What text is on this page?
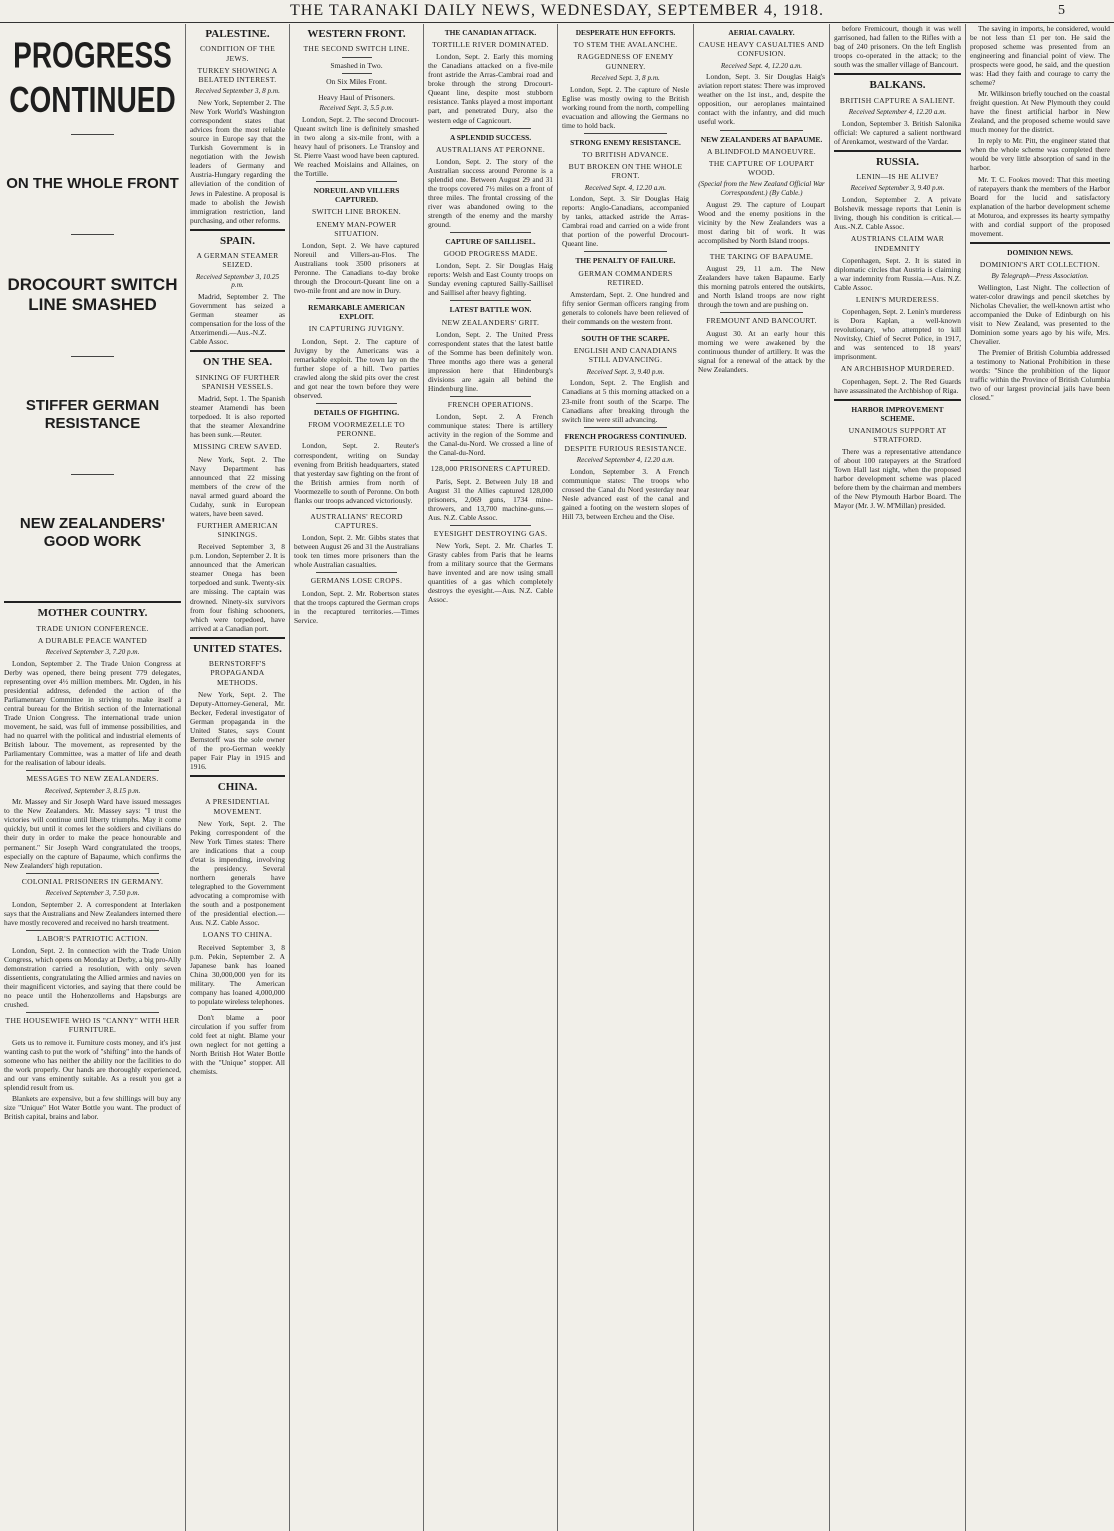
THE TARANAKI DAILY NEWS, WEDNESDAY, SEPTEMBER 4, 1918.	5
PROGRESS CONTINUED
ON THE WHOLE FRONT
DROCOURT SWITCH LINE SMASHED
STIFFER GERMAN RESISTANCE
NEW ZEALANDERS' GOOD WORK
MOTHER COUNTRY.
TRADE UNION CONFERENCE.
A DURABLE PEACE WANTED
Received September 3, 7.20 p.m.

London, September 2. The Trade Union Congress at Derby was opened, there being present 779 delegates, representing over 4½ million members. Mr. Ogden, in his presidential address, defended the action of the Parliamentary Committee in striving to make itself a central bureau for the British section of the International Trade Union Congress. The international trade union movement, he said, was full of immense possibilities, and had no quarrel with the political and industrial elements of British labour. The movement, as represented by the Parliamentary Committee, was a matter of life and death for the realisation of labour ideals.

MESSAGES TO NEW ZEALANDERS.
Received, September 3, 8.15 p.m.

Mr. Massey and Sir Joseph Ward have issued messages to the New Zealanders. Mr. Massey says: "I trust the victories will continue until liberty triumphs. May it come quickly, but until it comes let the soldiers and civilians do their duty in order to make the peace honourable and permanent." Sir Joseph Ward congratulated the troops, especially on the capture of Bapaume, which confirms the New Zealanders' high reputation.

COLONIAL PRISONERS IN GERMANY.
Received September 3, 7.50 p.m.

London, September 2. A correspondent at Interlaken says that the Australians and New Zealanders interned there have mostly recovered and received no harsh treatment.

LABOR'S PATRIOTIC ACTION.

London, Sept. 2. In connection with the Trade Union Congress, which opens on Monday at Derby, a big pro-Ally demonstration carried a resolution, with only seven dissentients, congratulating the Allied armies and navies on their magnificent victories, and saying that there could be no peace until the Hohenzollerns and Hapsburgs are crushed.

THE HOUSEWIFE WHO IS "CANNY" WITH HER FURNITURE.

Gets us to remove it. Furniture costs money, and it's just wanting cash to put the work of "shifting" into the hands of someone who has neither the ability nor the facilities to do the work properly. Our hands are thoroughly experienced, and our vans eminently suitable. As a result you get a splendid result from us.

Blankets are expensive, but a few shillings will buy any size "Unique" Hot Water Bottle you want. The product of British capital, brains and labor.

PALESTINE.
CONDITION OF THE JEWS.
TURKEY SHOWING A BELATED INTEREST.
Received September 3, 8 p.m.

New York, September 2. The New York World's Washington correspondent states that advices from the most reliable source in Europe say that the Turkish Government is in negotiation with the Jewish leaders of Germany and Austria-Hungary regarding the alleviation of the condition of Jews in Palestine. A proposal is made to abolish the Jewish immigration restriction, land purchasing, and other reforms.

SPAIN.
A GERMAN STEAMER SEIZED.
Received September 3, 10.25 p.m.

Madrid, September 2. The Government has seized a German steamer as compensation for the loss of the Atxerimendi.—Aus.-N.Z. Cable Assoc.

ON THE SEA.
SINKING OF FURTHER SPANISH VESSELS.

Madrid, Sept. 1. The Spanish steamer Atamendi has been torpedoed. It is also reported that the steamer Alexandrine has been sunk.—Reuter.

MISSING CREW SAVED.

New York, Sept. 2. The Navy Department has announced that 22 missing members of the crew of the naval armed guard aboard the Cudahy, sunk in European waters, have been saved.

FURTHER AMERICAN SINKINGS.

Received September 3, 8 p.m. London, September 2. It is announced that the American steamer Onega has been torpedoed and sunk. Twenty-six are missing. The captain was drowned. Ninety-six survivors from four fishing schooners, which were torpedoed, have arrived at a Canadian port.

UNITED STATES.
BERNSTORFF'S PROPAGANDA METHODS.

New York, Sept. 2. The Deputy-Attorney-General, Mr. Becker, Federal investigator of German propaganda in the United States, says Count Bernstorff was the sole owner of the pro-German weekly paper Fair Play in 1915 and 1916.

CHINA.
A PRESIDENTIAL MOVEMENT.

New York, Sept. 2. The Peking correspondent of the New York Times states: There are indications that a coup d'etat is impending, involving the presidency. Several northern generals have telegraphed to the Government advocating a compromise with the south and a postponement of the presidential election.—Aus. N.Z. Cable Assoc.

LOANS TO CHINA.

Received September 3, 8 p.m. Pekin, September 2. A Japanese bank has loaned China 30,000,000 yen for its military. The American company has loaned 4,000,000 to populate wireless telephones.

Don't blame a poor circulation if you suffer from cold feet at night. Blame your own neglect for not getting a North British Hot Water Bottle with the "Unique" stopper. All chemists.

WESTERN FRONT.
THE SECOND SWITCH LINE.
Smashed in Two.
On Six Miles Front.
Heavy Haul of Prisoners.
Received Sept. 3, 5.5 p.m.

London, Sept. 2. The second Drocourt-Queant switch line is definitely smashed in two along a six-mile front, with a heavy haul of prisoners. Le Transloy and St. Pierre Vaast wood have been captured. We reached Moislains and Allaines, on the Tortille.

NOREUIL AND VILLERS CAPTURED.
SWITCH LINE BROKEN.
ENEMY MAN-POWER SITUATION.

London, Sept. 2. We have captured Noreuil and Villers-au-Flos. The Australians took 3500 prisoners at Peronne. The Canadians to-day broke through the Drocourt-Queant line on a two-mile front and are now in Dury.

REMARKABLE AMERICAN EXPLOIT.
IN CAPTURING JUVIGNY.

London, Sept. 2. The capture of Juvigny by the Americans was a remarkable exploit. The town lay on the further slope of a hill. Two parties crawled along the skid pits over the crest and got near the town before they were observed.

DETAILS OF FIGHTING.
FROM VOORMEZELLE TO PERONNE.

London, Sept. 2. Reuter's correspondent, writing on Sunday evening from British headquarters, stated that yesterday saw fighting on the front of the British armies from north of Voormezelle to south of Peronne. On both flanks our troops advanced victoriously.

AUSTRALIANS' RECORD CAPTURES.

London, Sept. 2. Mr. Gibbs states that between August 26 and 31 the Australians took ten times more prisoners than the whole Australian casualties.

GERMANS LOSE CROPS.

London, Sept. 2. Mr. Robertson states that the troops captured the German crops in the recaptured territories.—Times Service.

THE CANADIAN ATTACK.
TORTILLE RIVER DOMINATED.

London, Sept. 2. Early this morning the Canadians attacked on a five-mile front astride the Arras-Cambrai road and broke through the strong Drocourt-Queant line, despite most stubborn resistance. Tanks played a most important part, and penetrated Dury, also the western edge of Cagnicourt.

A SPLENDID SUCCESS.
AUSTRALIANS AT PERONNE.

London, Sept. 2. The story of the Australian success around Peronne is a splendid one. Between August 29 and 31 the troops covered 7½ miles on a front of three miles. The frontal crossing of the river was abandoned owing to the strength of the enemy and the marshy ground.

CAPTURE OF SAILLISEL.
GOOD PROGRESS MADE.

London, Sept. 2. Sir Douglas Haig reports: Welsh and East County troops on Sunday evening captured Sailly-Saillisel and Saillisel after heavy fighting.

LATEST BATTLE WON.
NEW ZEALANDERS' GRIT.

London, Sept. 2. The United Press correspondent states that the latest battle of the Somme has been definitely won. Three months ago there was a general impression here that Hindenburg's divisions are again all behind the Hindenburg line.

FRENCH OPERATIONS.

London, Sept. 2. A French communique states: There is artillery activity in the region of the Somme and the Canal-du-Nord. We crossed a line of the Canal-du-Nord.

128,000 PRISONERS CAPTURED.

Paris, Sept. 2. Between July 18 and August 31 the Allies captured 128,000 prisoners, 2,069 guns, 1734 mine-throwers, and 13,700 machine-guns.—Aus. N.Z. Cable Assoc.

EYESIGHT DESTROYING GAS.

New York, Sept. 2. Mr. Charles T. Grasty cables from Paris that he learns from a military source that the Germans have invented and are now using small quantities of a gas which completely destroys the eyesight.—Aus. N.Z. Cable Assoc.

DESPERATE HUN EFFORTS.
TO STEM THE AVALANCHE.
RAGGEDNESS OF ENEMY GUNNERY.
Received Sept. 3, 8 p.m.

London, Sept. 2. The capture of Nesle Eglise was mostly owing to the British working round from the north, compelling evacuation and allowing the Germans no time to hold back.

STRONG ENEMY RESISTANCE.
TO BRITISH ADVANCE.
BUT BROKEN ON THE WHOLE FRONT.
Received Sept. 4, 12.20 a.m.

London, Sept. 3. Sir Douglas Haig reports: Anglo-Canadians, accompanied by tanks, attacked astride the Arras-Cambrai road and carried on a wide front that portion of the powerful Drocourt-Queant line.

THE PENALTY OF FAILURE.
GERMAN COMMANDERS RETIRED.

Amsterdam, Sept. 2. One hundred and fifty senior German officers ranging from generals to colonels have been relieved of their commands on the western front.

SOUTH OF THE SCARPE.
ENGLISH AND CANADIANS STILL ADVANCING.
Received Sept. 3, 9.40 p.m.

London, Sept. 2. The English and Canadians at 5 this morning attacked on a 23-mile front south of the Scarpe. The Canadians after breaking through the switch line were still advancing.

FRENCH PROGRESS CONTINUED.
DESPITE FURIOUS RESISTANCE.
Received September 4, 12.20 a.m.

London, September 3. A French communique states: The troops who crossed the Canal du Nord yesterday near Nesle advanced east of the canal and gained a footing on the western slopes of Hill 73, between Ercheu and the Oise.

AERIAL CAVALRY.
CAUSE HEAVY CASUALTIES AND CONFUSION.
Received Sept. 4, 12.20 a.m.

London, Sept. 3. Sir Douglas Haig's aviation report states: There was improved weather on the 1st inst., and, despite the opposition, our aeroplanes maintained contact with the infantry, and did much useful work.

NEW ZEALANDERS AT BAPAUME.
A BLINDFOLD MANOEUVRE.
THE CAPTURE OF LOUPART WOOD.
(Special from the New Zealand Official War Correspondent.) (By Cable.)

August 29. The capture of Loupart Wood and the enemy positions in the vicinity by the New Zealanders was a most daring bit of work. It was accomplished by North Island troops.

THE TAKING OF BAPAUME.

August 29, 11 a.m. The New Zealanders have taken Bapaume. Early this morning patrols entered the outskirts, and North Island troops are now right through the town and are pushing on.

FREMOUNT AND BANCOURT.

August 30. At an early hour this morning we were awakened by the continuous thunder of artillery. It was the signal for a renewal of the attack by the New Zealanders.

before Fremicourt, though it was well garrisoned, had fallen to the Rifles with a bag of 240 prisoners. On the left English troops co-operated in the attack; to the south was the smaller village of Bancourt.

BALKANS.
BRITISH CAPTURE A SALIENT.
Received September 4, 12.20 a.m.

London, September 3. British Salonika official: We captured a salient northward of Arenkamot, westward of the Vardar.

RUSSIA.
LENIN—IS HE ALIVE?
Received September 3, 9.40 p.m.

London, September 2. A private Bolshevik message reports that Lenin is living, though his condition is critical.—Aus.-N.Z. Cable Assoc.

AUSTRIANS CLAIM WAR INDEMNITY

Copenhagen, Sept. 2. It is stated in diplomatic circles that Austria is claiming a war indemnity from Russia.—Aus. N.Z. Cable Assoc.

LENIN'S MURDERESS.

Copenhagen, Sept. 2. Lenin's murderess is Dora Kaplan, a well-known revolutionary, who attempted to kill Novitsky, Chief of Secret Police, in 1917, and was sentenced to 18 years' imprisonment.

AN ARCHBISHOP MURDERED.

Copenhagen, Sept. 2. The Red Guards have assassinated the Archbishop of Riga.

HARBOR IMPROVEMENT SCHEME.
UNANIMOUS SUPPORT AT STRATFORD.

There was a representative attendance of about 100 ratepayers at the Stratford Town Hall last night, when the proposed harbor development scheme was placed before them by the chairman and members of the New Plymouth Harbor Board. The Mayor (Mr. J. W. M'Millan) presided.

The saving in imports, he considered, would be not less than £1 per ton. He said the proposed scheme was presented from an engineering and financial point of view. The prospects were good, he said, and the question was: Had they faith and courage to carry the scheme?

Mr. Wilkinson briefly touched on the coastal freight question. At New Plymouth they could have the finest artificial harbor in New Zealand, and the proposed scheme would save much money for the district.

In reply to Mr. Pitt, the engineer stated that when the whole scheme was completed there would be very little absorption of sand in the harbor.

Mr. T. C. Fookes moved: That this meeting of ratepayers thank the members of the Harbor Board for the lucid and satisfactory explanation of the harbor development scheme at Moturoa, and expresses its hearty sympathy with and cordial support of the proposed movement.

DOMINION NEWS.
DOMINION'S ART COLLECTION.
By Telegraph—Press Association.

Wellington, Last Night. The collection of water-color drawings and pencil sketches by Nicholas Chevalier, the well-known artist who accompanied the Duke of Edinburgh on his visit to New Zealand, was presented to the Dominion some years ago by his wife, Mrs. Chevalier.

The Premier of British Columbia addressed a testimony to National Prohibition in these words: "Since the prohibition of the liquor traffic within the Province of British Columbia two of our largest provincial jails have been closed."
